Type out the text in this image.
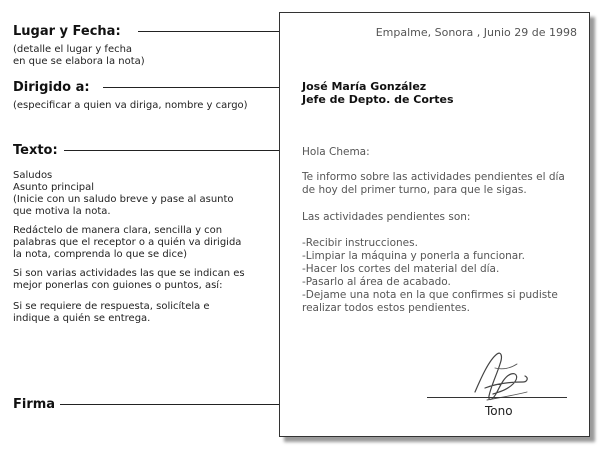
Lugar y Fecha:
(detalle el lugar y fecha
en que se elabora la nota)
Dirigido a:
(especificar a quien va diriga, nombre y cargo)
Texto:
Saludos
Asunto principal
(Inicie con un saludo breve y pase al asunto
que motiva la nota.
Redáctelo de manera clara, sencilla y con
palabras que el receptor o a quién va dirigida
la nota, comprenda lo que se dice)
Si son varias actividades las que se indican es
mejor ponerlas con guiones o puntos, así:
Si se requiere de respuesta, solicítela e
indique a quién se entrega.
Firma
Empalme, Sonora , Junio 29 de 1998
José María González
Jefe de Depto. de Cortes
Hola Chema:
Te informo sobre las actividades pendientes el día
de hoy del primer turno, para que le sigas.
Las actividades pendientes son:
-Recibir instrucciones.
-Limpiar la máquina y ponerla a funcionar.
-Hacer los cortes del material del día.
-Pasarlo al área de acabado.
-Dejame una nota en la que confirmes si pudiste
realizar todos estos pendientes.
Tono
